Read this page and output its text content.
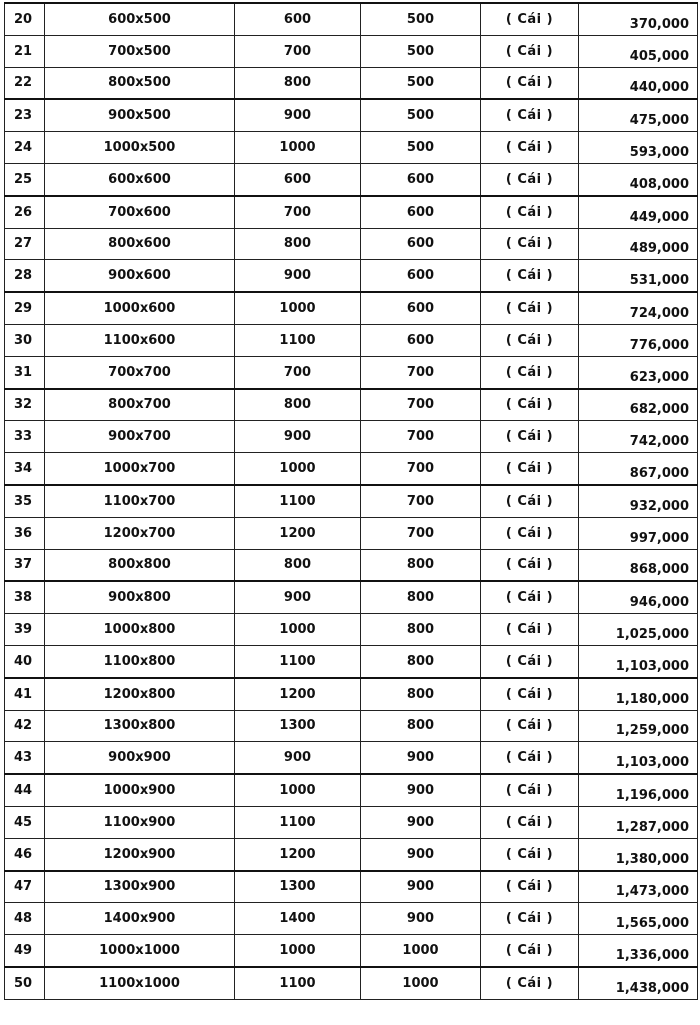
20	600x500	600	500	( Cái )	370,000
21	700x500	700	500	( Cái )	405,000
22	800x500	800	500	( Cái )	440,000
23	900x500	900	500	( Cái )	475,000
24	1000x500	1000	500	( Cái )	593,000
25	600x600	600	600	( Cái )	408,000
26	700x600	700	600	( Cái )	449,000
27	800x600	800	600	( Cái )	489,000
28	900x600	900	600	( Cái )	531,000
29	1000x600	1000	600	( Cái )	724,000
30	1100x600	1100	600	( Cái )	776,000
31	700x700	700	700	( Cái )	623,000
32	800x700	800	700	( Cái )	682,000
33	900x700	900	700	( Cái )	742,000
34	1000x700	1000	700	( Cái )	867,000
35	1100x700	1100	700	( Cái )	932,000
36	1200x700	1200	700	( Cái )	997,000
37	800x800	800	800	( Cái )	868,000
38	900x800	900	800	( Cái )	946,000
39	1000x800	1000	800	( Cái )	1,025,000
40	1100x800	1100	800	( Cái )	1,103,000
41	1200x800	1200	800	( Cái )	1,180,000
42	1300x800	1300	800	( Cái )	1,259,000
43	900x900	900	900	( Cái )	1,103,000
44	1000x900	1000	900	( Cái )	1,196,000
45	1100x900	1100	900	( Cái )	1,287,000
46	1200x900	1200	900	( Cái )	1,380,000
47	1300x900	1300	900	( Cái )	1,473,000
48	1400x900	1400	900	( Cái )	1,565,000
49	1000x1000	1000	1000	( Cái )	1,336,000
50	1100x1000	1100	1000	( Cái )	1,438,000
